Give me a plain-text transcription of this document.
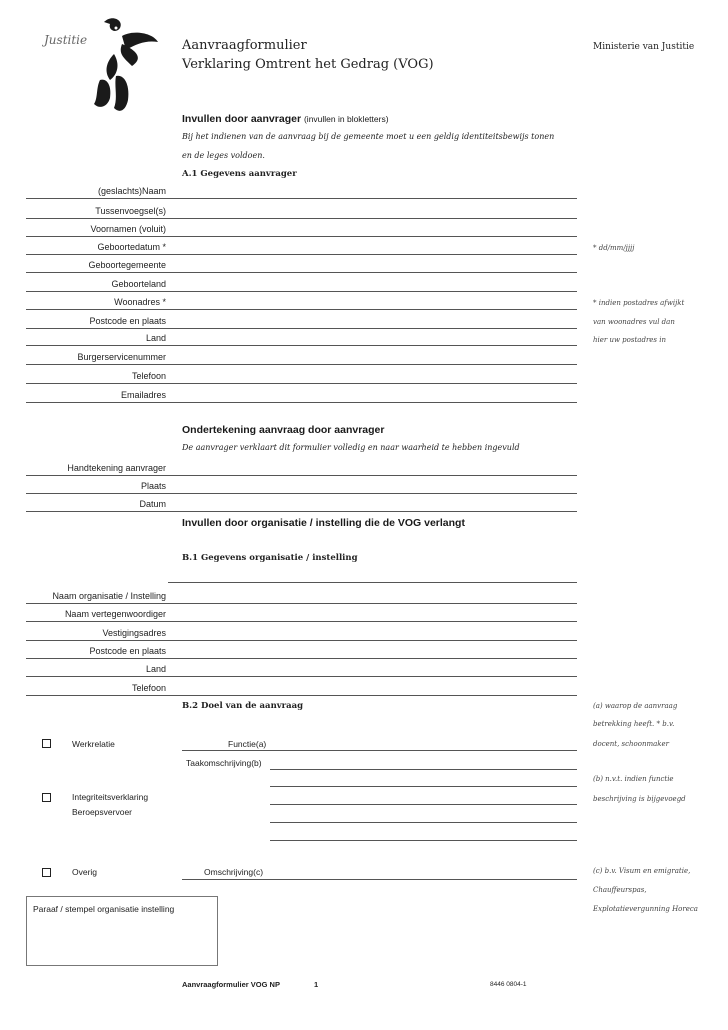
Justitie	Aanvraagformulier
Verklaring Omtrent het Gedrag (VOG)
Ministerie van Justitie
Invullen door aanvrager (invullen in blokletters)
Bij het indienen van de aanvraag bij de gemeente moet u een geldig identiteitsbewijs tonen
en de leges voldoen.
A.1 Gegevens aanvrager
(geslachts)Naam
Tussenvoegsel(s)
Voornamen (voluit)
Geboortedatum *
Geboortegemeente
Geboorteland
Woonadres *
Postcode en plaats
Land
Burgerservicenummer
Telefoon
Emailadres
* dd/mm/jjjj
* indien postadres afwijkt
van woonadres vul dan
hier uw postadres in
Ondertekening aanvraag door aanvrager
De aanvrager verklaart dit formulier volledig en naar waarheid te hebben ingevuld
Handtekening aanvrager
Plaats
Datum
Invullen door organisatie / instelling die de VOG verlangt
B.1 Gegevens organisatie / instelling
Naam organisatie / Instelling
Naam vertegenwoordiger
Vestigingsadres
Postcode en plaats
Land
Telefoon
B.2 Doel van de aanvraag
Werkrelatie	Functie(a)
Taakomschrijving(b)
Integriteitsverklaring
Beroepsvervoer
Overig	Omschrijving(c)
(a) waarop de aanvraag
betrekking heeft. * b.v.
docent, schoonmaker
(b) n.v.t. indien functie
beschrijving is bijgevoegd
(c) b.v. Visum en emigratie,
Chauffeurspas,
Explotatievergunning Horeca
Paraaf / stempel organisatie instelling
Aanvraagformulier VOG NP	1	8446 0804-1
